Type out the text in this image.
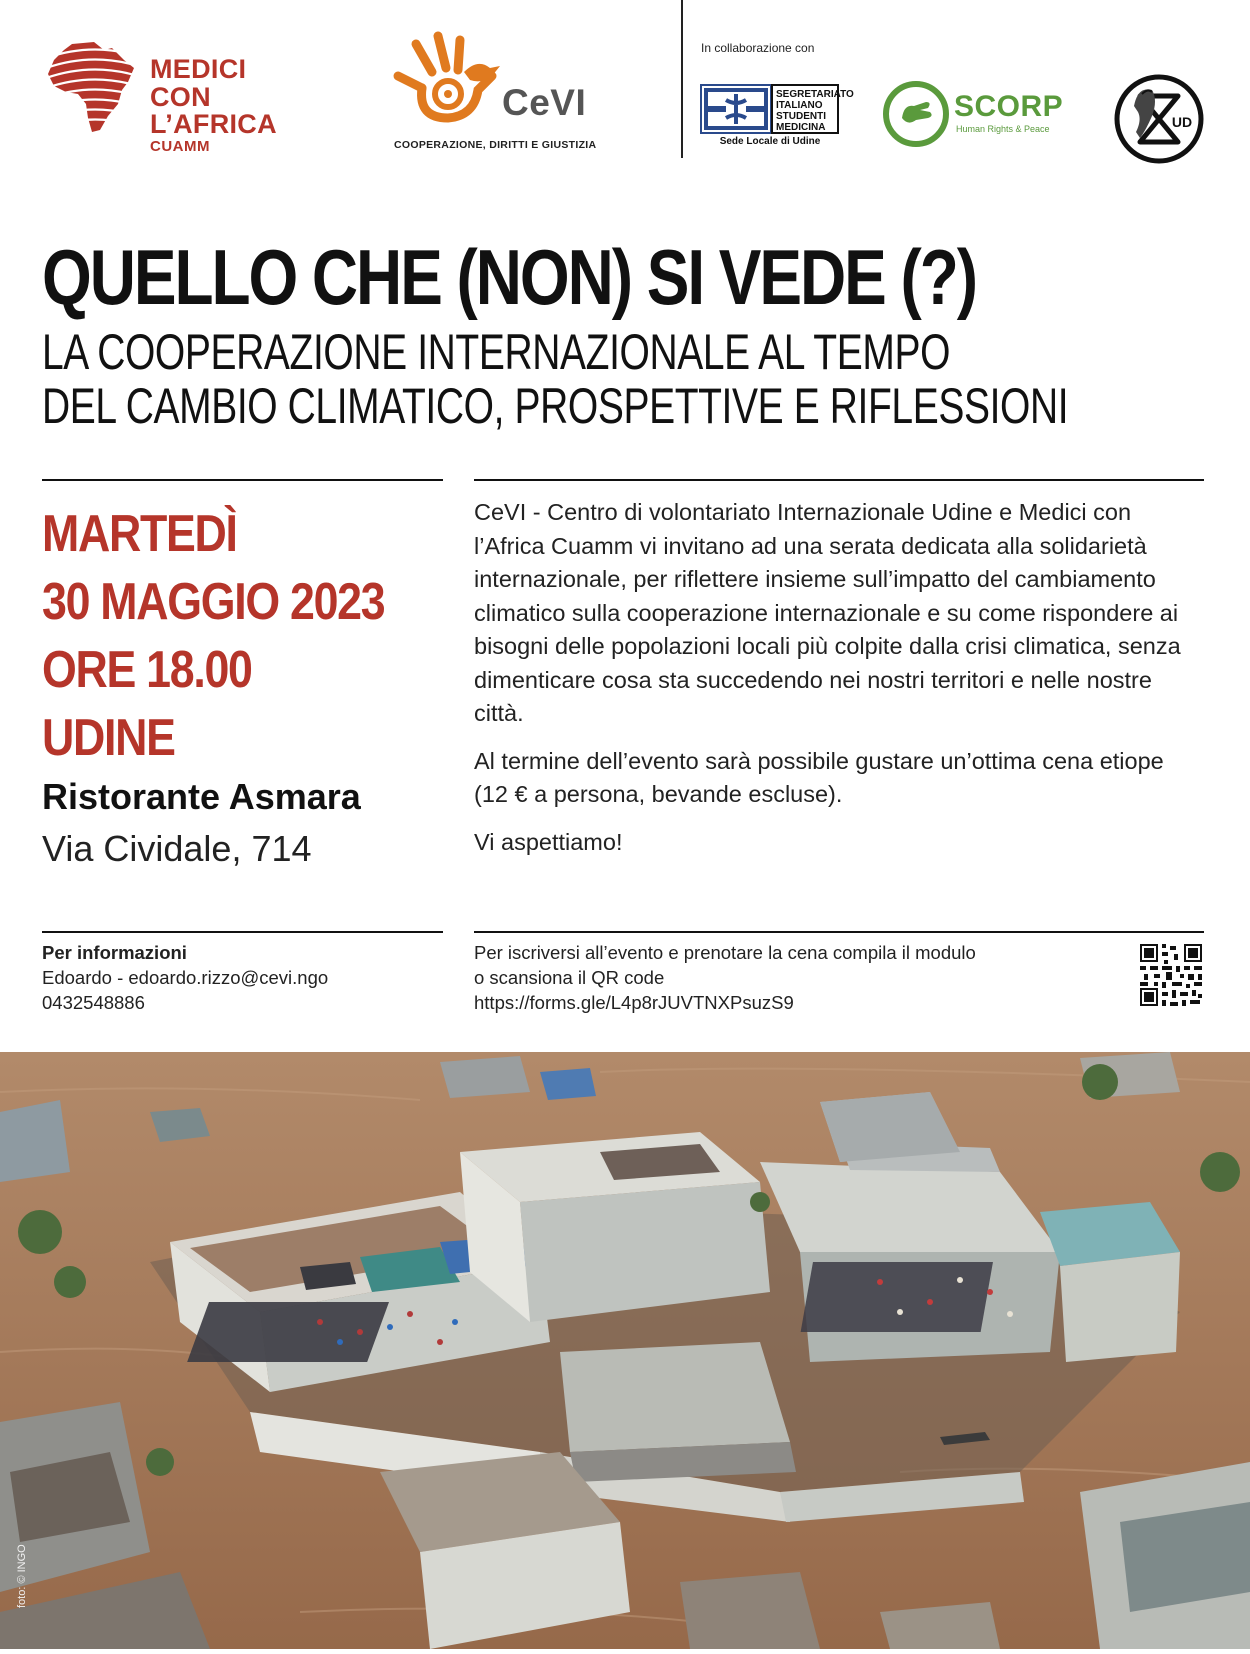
MEDICI
CON L’AFRICA
CUAMM
CeVI
COOPERAZIONE, DIRITTI E GIUSTIZIA
In collaborazione con
SEGRETARIATO
ITALIANO
STUDENTI
MEDICINA
Sede Locale di Udine
SCORP
Human Rights & Peace	UD
QUELLO CHE (NON) SI VEDE (?)
LA COOPERAZIONE INTERNAZIONALE AL TEMPO
DEL CAMBIO CLIMATICO, PROSPETTIVE E RIFLESSIONI
MARTEDÌ
30 MAGGIO 2023
ORE 18.00
UDINE
Ristorante Asmara
Via Cividale, 714

CeVI - Centro di volontariato Internazionale Udine e Medici con l’Africa Cuamm vi invitano ad una serata dedicata alla solidarietà internazionale, per riflettere insieme sull’impatto del cambiamento climatico sulla cooperazione internazionale e su come rispondere ai bisogni delle popolazioni locali più colpite dalla crisi climatica, senza dimenticare cosa sta succedendo nei nostri territori e nelle nostre città.

Al termine dell’evento sarà possibile gustare un’ottima cena etiope (12 € a persona, bevande escluse).

Vi aspettiamo!

Per informazioni
Edoardo - edoardo.rizzo@cevi.ngo
0432548886
Per iscriversi all’evento e prenotare la cena compila il modulo
o scansiona il QR code
https://forms.gle/L4p8rJUVTNXPsuzS9
foto: © INGO
